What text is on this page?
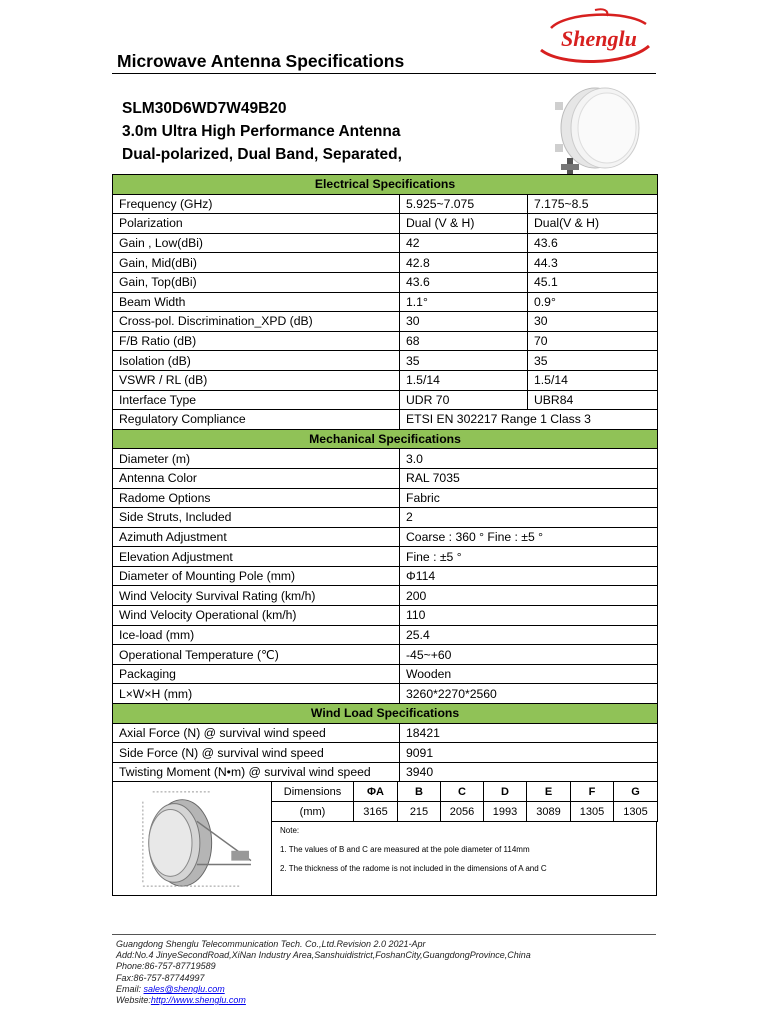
Microwave Antenna Specifications
Shenglu
SLM30D6WD7W49B20
3.0m Ultra High Performance Antenna
Dual-polarized, Dual Band, Separated,
Electrical Specifications		
Frequency (GHz)	5.925~7.075	7.175~8.5
Polarization	Dual (V & H)	Dual(V & H)
Gain , Low(dBi)	42	43.6
Gain, Mid(dBi)	42.8	44.3
Gain, Top(dBi)	43.6	45.1
Beam Width	1.1°	0.9°
Cross-pol. Discrimination_XPD (dB)	30	30
F/B Ratio (dB)	68	70
Isolation (dB)	35	35
VSWR / RL (dB)	1.5/14	1.5/14
Interface Type	UDR 70	UBR84
Regulatory Compliance	ETSI EN 302217 Range 1 Class 3	
Mechanical Specifications		
Diameter (m)	3.0	
Antenna Color	RAL 7035	
Radome Options	Fabric	
Side Struts, Included	2	
Azimuth Adjustment	Coarse : 360 ° Fine : ±5 °	
Elevation Adjustment	Fine : ±5 °	
Diameter of Mounting Pole (mm)	Φ114	
Wind Velocity Survival Rating (km/h)	200	
Wind Velocity Operational (km/h)	110	
Ice-load (mm)	25.4	
Operational Temperature (℃)	-45~+60	
Packaging	Wooden	
L×W×H (mm)	3260*2270*2560	
Wind Load Specifications		
Axial Force (N) @ survival wind speed	18421	
Side Force (N) @ survival wind speed	9091	
Twisting Moment (N•m) @ survival wind speed	3940	
Dimensions	ΦA	B	C	D	E	F	G
(mm)	3165	215	2056	1993	3089	1305	1305
Note:
1. The values of B and C are measured at the pole diameter of 114mm
2. The thickness of the radome is not included in the dimensions of A and C
Guangdong Shenglu Telecommunication Tech. Co.,Ltd.Revision 2.0 2021-Apr
Add:No.4 JinyeSecondRoad,XiNan Industry Area,Sanshuidistrict,FoshanCity,GuangdongProvince,China
Phone:86-757-87719589
Fax:86-757-87744997
Email: sales@shenglu.com
Website:http://www.shenglu.com
